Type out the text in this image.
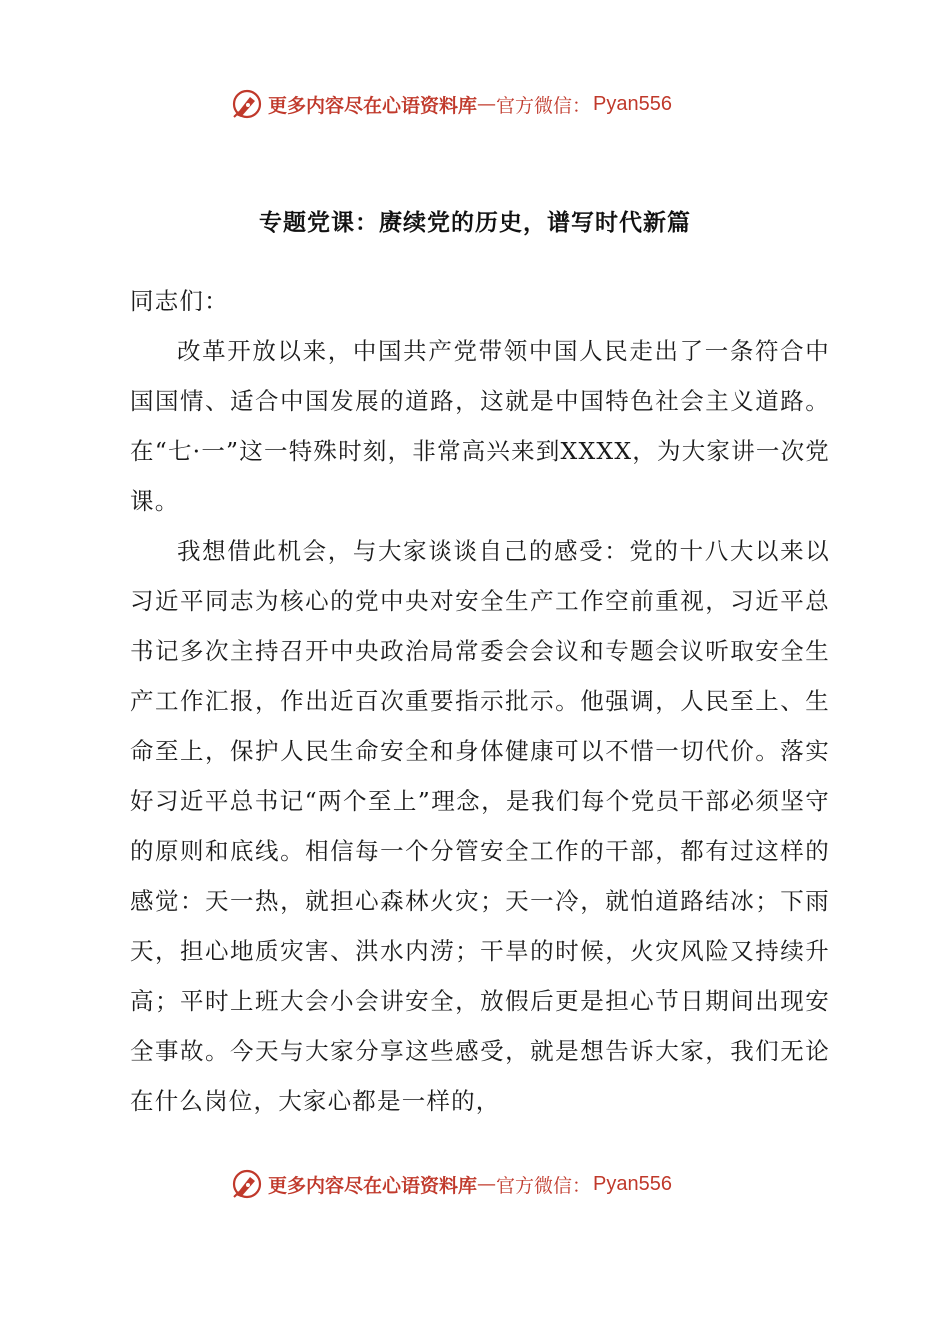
更多内容尽在心语资料库 — 官方微信： Pyan556
专题党课：赓续党的历史，谱写时代新篇

同志们：

改革开放以来，中国共产党带领中国人民走出了一条符合中国国情、适合中国发展的道路，这就是中国特色社会主义道路。在“七·一”这一特殊时刻，非常高兴来到XXXX，为大家讲一次党课。

我想借此机会，与大家谈谈自己的感受：党的十八大以来以习近平同志为核心的党中央对安全生产工作空前重视，习近平总书记多次主持召开中央政治局常委会会议和专题会议听取安全生产工作汇报，作出近百次重要指示批示。他强调，人民至上、生命至上，保护人民生命安全和身体健康可以不惜一切代价。落实好习近平总书记“两个至上”理念，是我们每个党员干部必须坚守的原则和底线。相信每一个分管安全工作的干部，都有过这样的感觉：天一热，就担心森林火灾；天一冷，就怕道路结冰；下雨天，担心地质灾害、洪水内涝；干旱的时候，火灾风险又持续升高；平时上班大会小会讲安全，放假后更是担心节日期间出现安全事故。今天与大家分享这些感受，就是想告诉大家，我们无论在什么岗位，大家心都是一样的，

更多内容尽在心语资料库 — 官方微信： Pyan556
